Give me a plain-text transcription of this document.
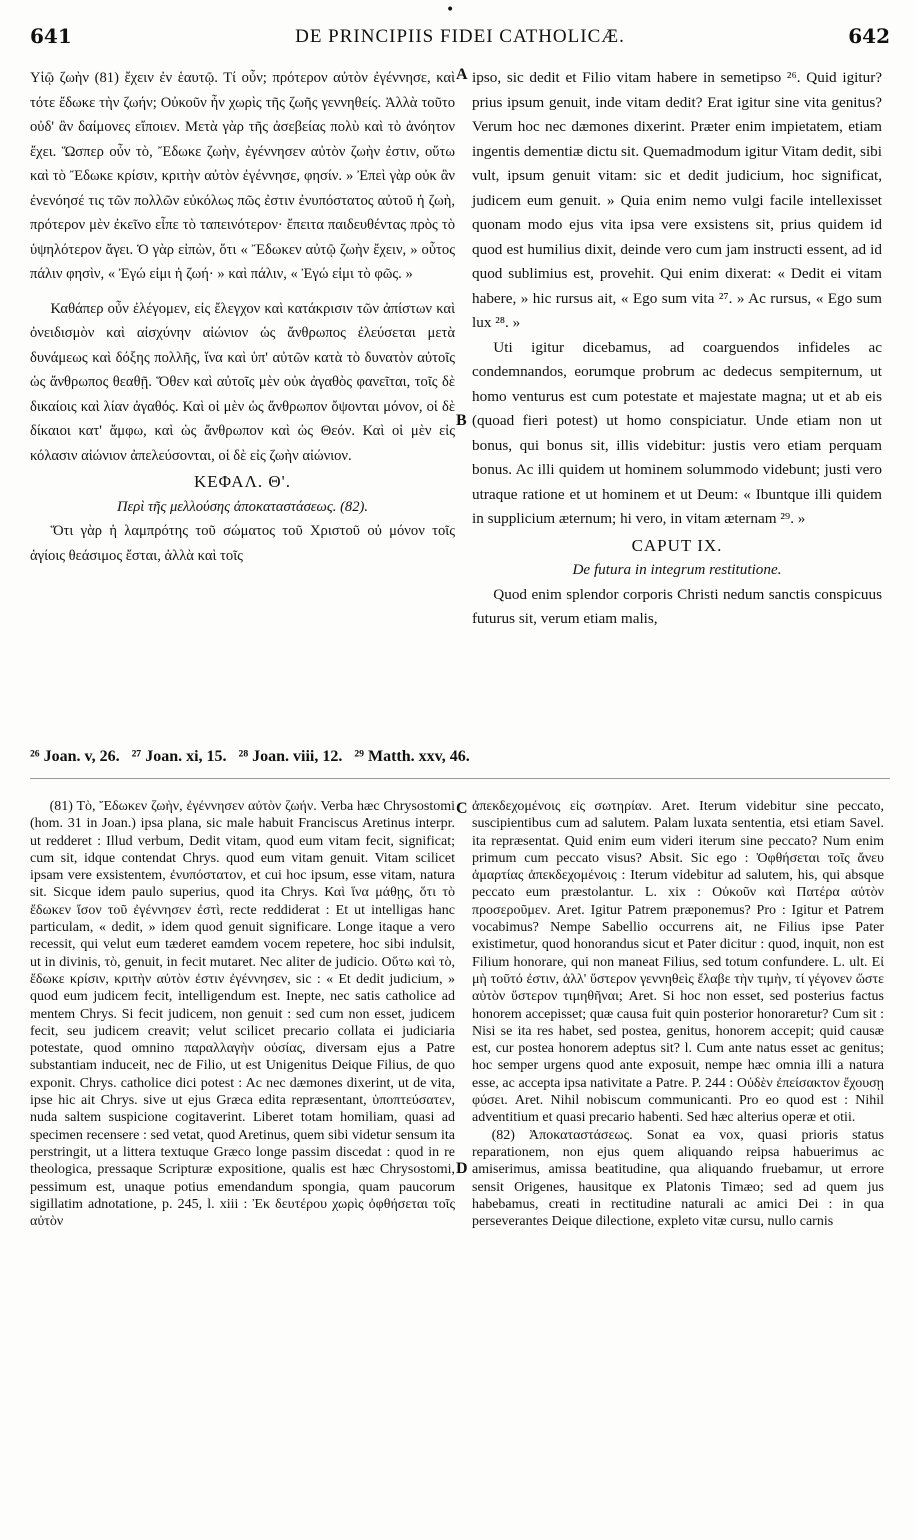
•
641	DE PRINCIPIIS FIDEI CATHOLICÆ.	642

Υἱῷ ζωὴν (81) ἔχειν ἐν ἑαυτῷ. Τί οὖν; πρότερον αὐτὸν ἐγέννησε, καὶ τότε ἔδωκε τὴν ζωήν; Οὐκοῦν ἦν χωρὶς τῆς ζωῆς γεννηθείς. Ἀλλὰ τοῦτο οὐδ' ἂν δαίμονες εἴποιεν. Μετὰ γὰρ τῆς ἀσεβείας πολὺ καὶ τὸ ἀνόητον ἔχει. Ὥσπερ οὖν τὸ, Ἔδωκε ζωὴν, ἐγέννησεν αὐτὸν ζωὴν ἐστιν, οὕτω καὶ τὸ Ἔδωκε κρίσιν, κριτὴν αὐτὸν ἐγέννησε, φησίν. » Ἐπεὶ γὰρ οὐκ ἂν ἐνενόησέ τις τῶν πολλῶν εὐκόλως πῶς ἐστιν ἐνυπόστατος αὐτοῦ ἡ ζωὴ, πρότερον μὲν ἐκεῖνο εἶπε τὸ ταπεινότερον· ἔπειτα παιδευθέντας πρὸς τὸ ὑψηλότερον ἄγει. Ὁ γὰρ εἰπὼν, ὅτι « Ἔδωκεν αὐτῷ ζωὴν ἔχειν, » οὗτος πάλιν φησὶν, « Ἐγώ εἰμι ἡ ζωή· » καὶ πάλιν, « Ἐγώ εἰμι τὸ φῶς. »

Καθάπερ οὖν ἐλέγομεν, εἰς ἔλεγχον καὶ κατάκρισιν τῶν ἀπίστων καὶ ὀνειδισμὸν καὶ αἰσχύνην αἰώνιον ὡς ἄνθρωπος ἐλεύσεται μετὰ δυνάμεως καὶ δόξης πολλῆς, ἵνα καὶ ὑπ' αὐτῶν κατὰ τὸ δυνατὸν αὐτοῖς ὡς ἄνθρωπος θεαθῇ. Ὅθεν καὶ αὐτοῖς μὲν οὐκ ἀγαθὸς φανεῖται, τοῖς δὲ δικαίοις καὶ λίαν ἀγαθός. Καὶ οἱ μὲν ὡς ἄνθρωπον ὄψονται μόνον, οἱ δὲ δίκαιοι κατ' ἄμφω, καὶ ὡς ἄνθρωπον καὶ ὡς Θεόν. Καὶ οἱ μὲν εἰς κόλασιν αἰώνιον ἀπελεύσονται, οἱ δὲ εἰς ζωὴν αἰώνιον.

ΚΕΦΑΛ. Θ'.

Περὶ τῆς μελλούσης ἀποκαταστάσεως. (82).

Ὅτι γὰρ ἡ λαμπρότης τοῦ σώματος τοῦ Χριστοῦ οὐ μόνον τοῖς ἁγίοις θεάσιμος ἔσται, ἀλλὰ καὶ τοῖς

A
B

ipso, sic dedit et Filio vitam habere in semetipso ²⁶. Quid igitur? prius ipsum genuit, inde vitam dedit? Erat igitur sine vita genitus? Verum hoc nec dæmones dixerint. Præter enim impietatem, etiam ingentis dementiæ dictu sit. Quemadmodum igitur Vitam dedit, sibi vult, ipsum genuit vitam: sic et dedit judicium, hoc significat, judicem eum genuit. » Quia enim nemo vulgi facile intellexisset quonam modo ejus vita ipsa vere exsistens sit, prius quidem id quod est humilius dixit, deinde vero cum jam instructi essent, ad id quod sublimius est, provehit. Qui enim dixerat: « Dedit ei vitam habere, » hic rursus ait, « Ego sum vita ²⁷. » Ac rursus, « Ego sum lux ²⁸. »

Uti igitur dicebamus, ad coarguendos infideles ac condemnandos, eorumque probrum ac dedecus sempiternum, ut homo venturus est cum potestate et majestate magna; ut et ab eis (quoad fieri potest) ut homo conspiciatur. Unde etiam non ut bonus, qui bonus sit, illis videbitur: justis vero etiam perquam bonus. Ac illi quidem ut hominem solummodo videbunt; justi vero utraque ratione et ut hominem et ut Deum: « Ibuntque illi quidem in supplicium æternum; hi vero, in vitam æternam ²⁹. »

CAPUT IX.

De futura in integrum restitutione.

Quod enim splendor corporis Christi nedum sanctis conspicuus futurus sit, verum etiam malis,

²⁶ Joan. v, 26.   ²⁷ Joan. xi, 15.   ²⁸ Joan. viii, 12.   ²⁹ Matth. xxv, 46.

(81) Τὸ, Ἔδωκεν ζωὴν, ἐγέννησεν αὐτὸν ζωήν. Verba hæc Chrysostomi (hom. 31 in Joan.) ipsa plana, sic male habuit Franciscus Aretinus interpr. ut redderet : Illud verbum, Dedit vitam, quod eum vitam fecit, significat; cum sit, idque contendat Chrys. quod eum vitam genuit. Vitam scilicet ipsam vere exsistentem, ἐνυπόστατον, et cui hoc ipsum, esse vitam, natura sit. Sicque idem paulo superius, quod ita Chrys. Καὶ ἵνα μάθῃς, ὅτι τὸ ἔδωκεν ἴσον τοῦ ἐγέννησεν ἐστὶ, recte reddiderat : Et ut intelligas hanc particulam, « dedit, » idem quod genuit significare. Longe itaque a vero recessit, qui velut eum tæderet eamdem vocem repetere, hoc sibi indulsit, ut in divinis, τὸ, genuit, in fecit mutaret. Nec aliter de judicio. Οὕτω καὶ τὸ, ἔδωκε κρίσιν, κριτὴν αὐτὸν ἐστιν ἐγέννησεν, sic : « Et dedit judicium, » quod eum judicem fecit, intelligendum est. Inepte, nec satis catholice ad mentem Chrys. Si fecit judicem, non genuit : sed cum non esset, judicem fecit, seu judicem creavit; velut scilicet precario collata ei judiciaria potestate, quod omnino παραλλαγὴν οὐσίας, diversam ejus a Patre substantiam induceit, nec de Filio, ut est Unigenitus Deique Filius, de quo exponit. Chrys. catholice dici potest : Ac nec dæmones dixerint, ut de vita, ipse hic ait Chrys. sive ut ejus Græca edita repræsentant, ὑποπτεύσατεν, nuda saltem suspicione cogitaverint. Liberet totam homiliam, quasi ad specimen recensere : sed vetat, quod Aretinus, quem sibi videtur sensum ita perstringit, ut a littera textuque Græco longe passim discedat : quod in re theologica, pressaque Scripturæ expositione, qualis est hæc Chrysostomi, pessimum est, unaque potius emendandum spongia, quam paucorum sigillatim adnotatione, p. 245, l. xiii : Ἐκ δευτέρου χωρὶς ὀφθήσεται τοῖς αὐτὸν

C
D

ἀπεκδεχομένοις εἰς σωτηρίαν. Aret. Iterum videbitur sine peccato, suscipientibus cum ad salutem. Palam luxata sententia, etsi etiam Savel. ita repræsentat. Quid enim eum videri iterum sine peccato? Num enim primum cum peccato visus? Absit. Sic ego : Ὀφθήσεται τοῖς ἄνευ ἁμαρτίας ἀπεκδεχομένοις : Iterum videbitur ad salutem, his, qui absque peccato eum præstolantur. L. xix : Οὐκοῦν καὶ Πατέρα αὐτὸν προσεροῦμεν. Aret. Igitur Patrem præponemus? Pro : Igitur et Patrem vocabimus? Nempe Sabellio occurrens ait, ne Filius ipse Pater existimetur, quod honorandus sicut et Pater dicitur : quod, inquit, non est Filium honorare, qui non maneat Filius, sed totum confundere. L. ult. Εἰ μὴ τοῦτό ἐστιν, ἀλλ' ὕστερον γεννηθεὶς ἔλαβε τὴν τιμὴν, τί γέγονεν ὥστε αὐτὸν ὕστερον τιμηθῆναι; Aret. Si hoc non esset, sed posterius factus honorem accepisset; quæ causa fuit quin posterior honoraretur? Cum sit : Nisi se ita res habet, sed postea, genitus, honorem accepit; quid causæ est, cur postea honorem adeptus sit? l. Cum ante natus esset ac genitus; hoc semper urgens quod ante exposuit, nempe hæc omnia illi a natura esse, ac accepta ipsa nativitate a Patre. P. 244 : Οὐδὲν ἐπείσακτον ἔχουσῃ φύσει. Aret. Nihil nobiscum communicanti. Pro eo quod est : Nihil adventitium et quasi precario habenti. Sed hæc alterius operæ et otii.

(82) Ἀποκαταστάσεως. Sonat ea vox, quasi prioris status reparationem, non ejus quem aliquando reipsa habuerimus ac amiserimus, amissa beatitudine, qua aliquando fruebamur, ut errore sensit Origenes, hausitque ex Platonis Timæo; sed ad quem jus habebamus, creati in rectitudine naturali ac amici Dei : in qua perseverantes Deique dilectione, expleto vitæ cursu, nullo carnis
